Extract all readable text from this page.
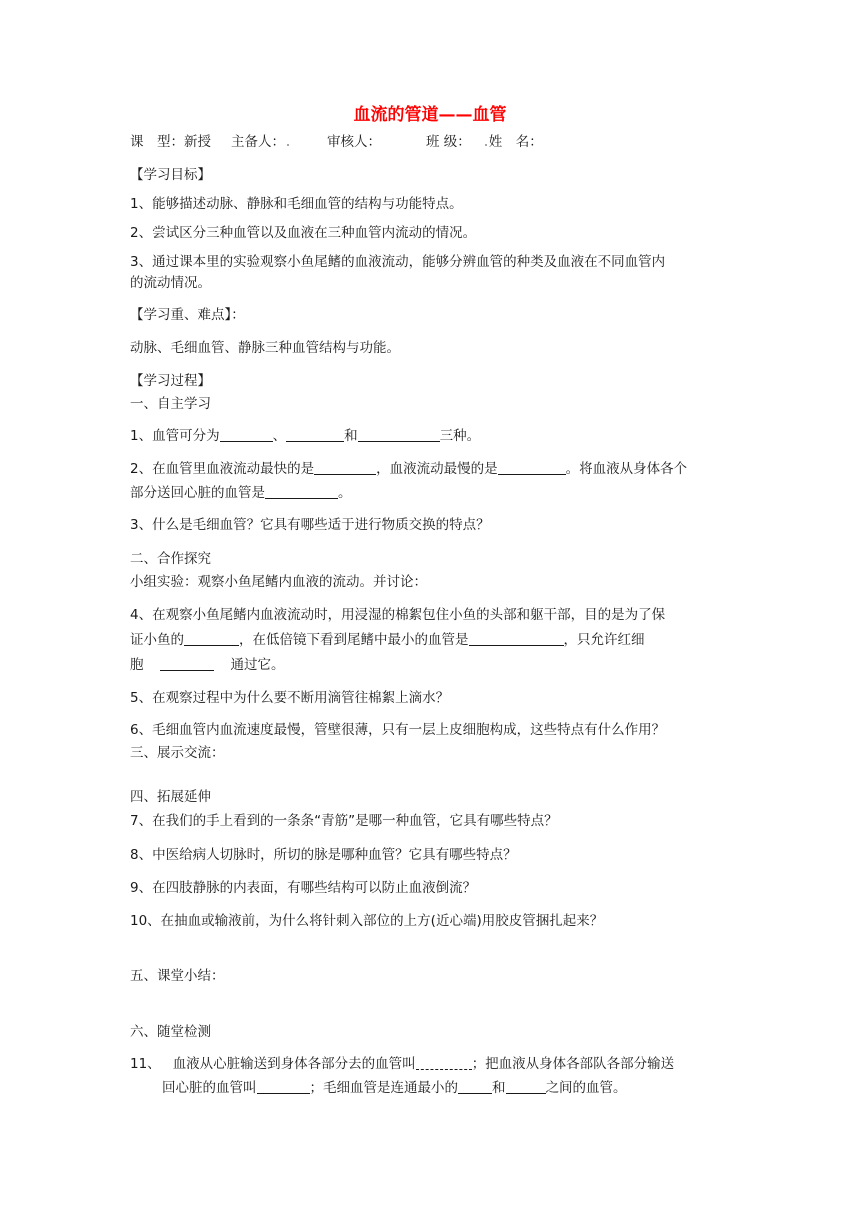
血流的管道——血管
课　型：新授 主备人：	审核人：	班 级： 姓　名：
【学习目标】
1、能够描述动脉、静脉和毛细血管的结构与功能特点。
2、尝试区分三种血管以及血液在三种血管内流动的情况。
3、通过课本里的实验观察小鱼尾鳍的血液流动，能够分辨血管的种类及血液在不同血管内
的流动情况。
【学习重、难点】：
动脉、毛细血管、静脉三种血管结构与功能。
【学习过程】
一、自主学习
1、血管可分为	、	和	三种。
2、在血管里血液流动最快的是	，血液流动最慢的是	。将血液从身体各个
部分送回心脏的血管是	。
3、什么是毛细血管？它具有哪些适于进行物质交换的特点？
二、合作探究
小组实验：观察小鱼尾鳍内血液的流动。并讨论：
4、在观察小鱼尾鳍内血液流动时，用浸湿的棉絮包住小鱼的头部和躯干部，目的是为了保
证小鱼的	，在低倍镜下看到尾鳍中最小的血管是	，只允许红细
胞	通过它。
5、在观察过程中为什么要不断用滴管往棉絮上滴水？
6、毛细血管内血流速度最慢，管壁很薄，只有一层上皮细胞构成，这些特点有什么作用？
三、展示交流：
四、拓展延伸
7、在我们的手上看到的一条条“青筋”是哪一种血管，它具有哪些特点？
8、中医给病人切脉时，所切的脉是哪种血管？它具有哪些特点？
9、在四肢静脉的内表面，有哪些结构可以防止血液倒流？
10、在抽血或输液前，为什么将针刺入部位的上方(近心端)用胶皮管捆扎起来？
五、课堂小结：
六、随堂检测
11、 血液从心脏输送到身体各部分去的血管叫	；把血液从身体各部队各部分输送
回心脏的血管叫	；毛细血管是连通最小的	和	之间的血管。
